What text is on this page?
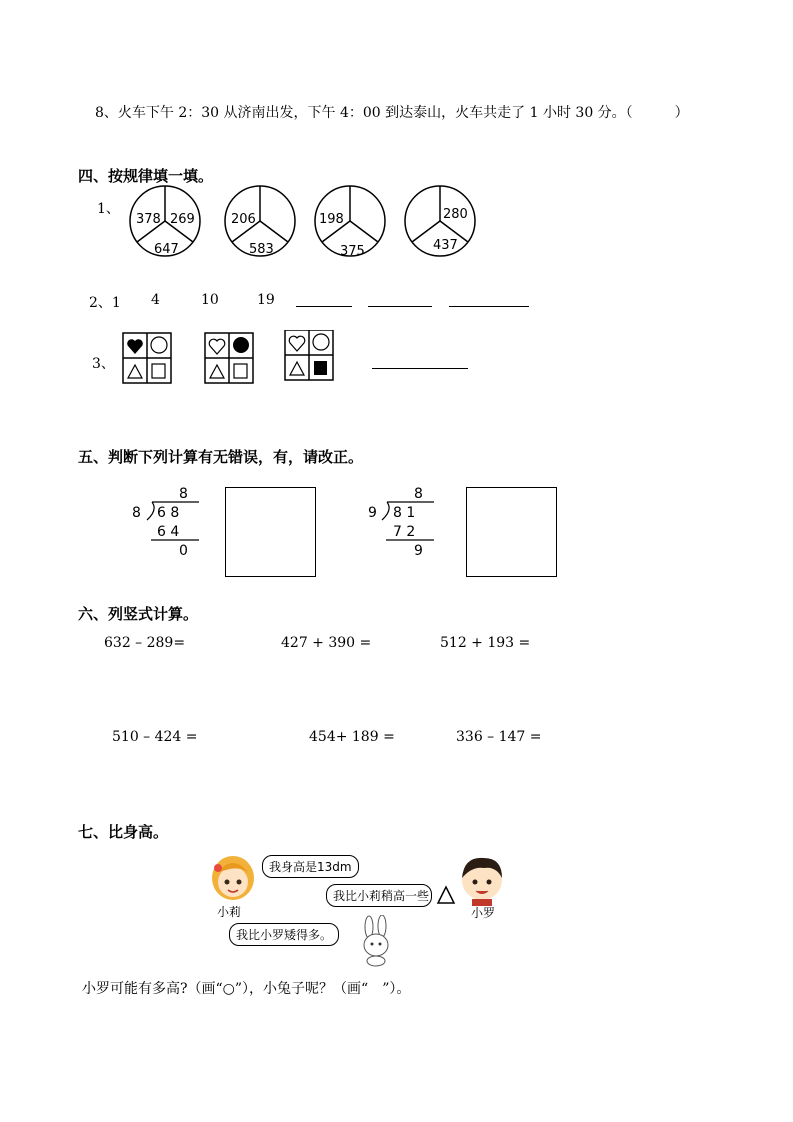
8、火车下午 2：30 从济南出发，下午 4：00 到达泰山，火车共走了 1 小时 30 分。（　　　）
四、按规律填一填。
1、
378 269
647
206
583
198
375
280
437
2、1 4	10	19
3、
五、判断下列计算有无错误，有，请改正。
8
8 6 8
6 4
0
8
9 8 1
7 2
9
六、列竖式计算。
632 – 289=	427 + 390 =	512 + 193 =
510 – 424 =	454+ 189 =	336 – 147 =
七、比身高。
小莉
我身高是13dm
我比小莉稍高一些
小罗
我比小罗矮得多。
小罗可能有多高?（画“○”），小兔子呢？（画“　”）。
